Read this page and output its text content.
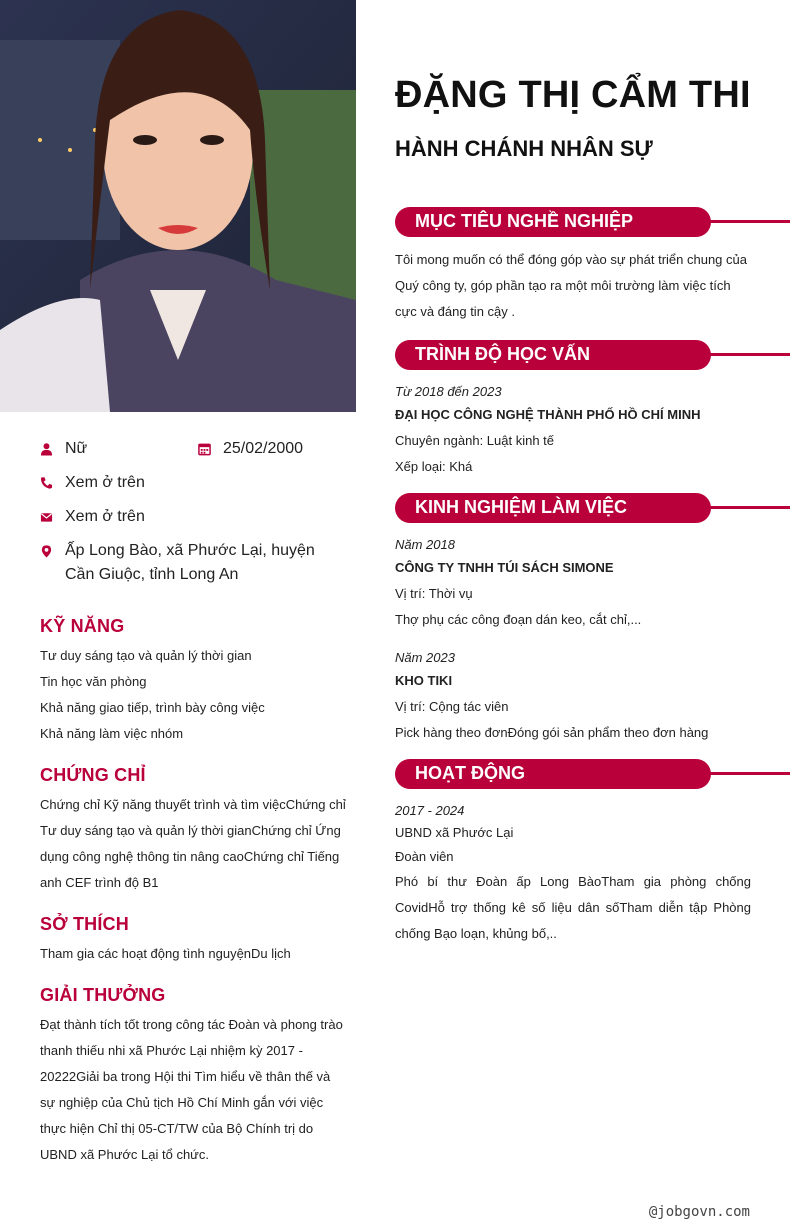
Nữ	25/02/2000
Xem ở trên
Xem ở trên
Ấp Long Bào, xã Phước Lại, huyện Cần Giuộc, tỉnh Long An
KỸ NĂNG
Tư duy sáng tạo và quản lý thời gian
Tin học văn phòng
Khả năng giao tiếp, trình bày công việc
Khả năng làm việc nhóm
CHỨNG CHỈ
Chứng chỉ Kỹ năng thuyết trình và tìm việcChứng chỉ Tư duy sáng tạo và quản lý thời gianChứng chỉ Ứng dụng công nghệ thông tin nâng caoChứng chỉ Tiếng anh CEF trình độ B1
SỞ THÍCH
Tham gia các hoạt động tình nguyệnDu lịch
GIẢI THƯỞNG
Đạt thành tích tốt trong công tác Đoàn và phong trào thanh thiếu nhi xã Phước Lại nhiệm kỳ 2017 - 20222Giải ba trong Hội thi Tìm hiểu về thân thế và sự nghiệp của Chủ tịch Hồ Chí Minh gắn với việc thực hiện Chỉ thị 05-CT/TW của Bộ Chính trị do UBND xã Phước Lại tổ chức.
ĐẶNG THỊ CẨM THI
HÀNH CHÁNH NHÂN SỰ
MỤC TIÊU NGHỀ NGHIỆP
Tôi mong muốn có thể đóng góp vào sự phát triển chung của Quý công ty, góp phần tạo ra một môi trường làm việc tích cực và đáng tin cậy .
TRÌNH ĐỘ HỌC VẤN
Từ 2018 đến 2023
ĐẠI HỌC CÔNG NGHỆ THÀNH PHỐ HỒ CHÍ MINH
Chuyên ngành: Luật kinh tế
Xếp loại: Khá
KINH NGHIỆM LÀM VIỆC
Năm 2018
CÔNG TY TNHH TÚI SÁCH SIMONE
Vị trí: Thời vụ
Thợ phụ các công đoạn dán keo, cắt chỉ,...
Năm 2023
KHO TIKI
Vị trí: Cộng tác viên
Pick hàng theo đơnĐóng gói sản phẩm theo đơn hàng
HOẠT ĐỘNG
2017 - 2024
UBND xã Phước Lại
Đoàn viên
Phó bí thư Đoàn ấp Long BàoTham gia phòng chống CovidHỗ trợ thống kê số liệu dân sốTham diễn tập Phòng chống Bạo loạn, khủng bố,..
@jobgovn.com
